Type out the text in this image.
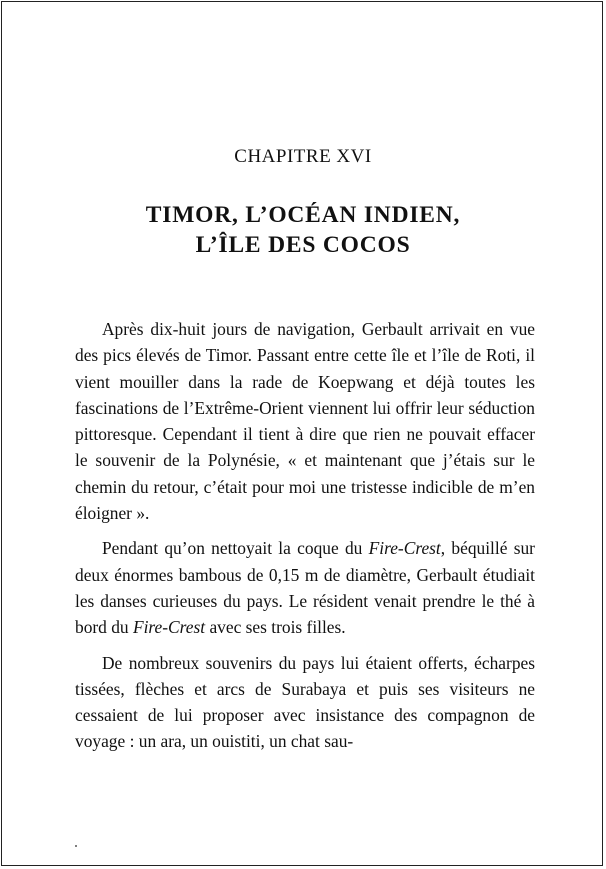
CHAPITRE XVI
TIMOR, L’OCÉAN INDIEN,
L’ÎLE DES COCOS

Après dix-huit jours de navigation, Gerbault arrivait en vue des pics élevés de Timor. Passant entre cette île et l’île de Roti, il vient mouiller dans la rade de Koepwang et déjà toutes les fascinations de l’Extrême-Orient viennent lui offrir leur séduction pittoresque. Cependant il tient à dire que rien ne pouvait effacer le souvenir de la Polynésie, « et maintenant que j’étais sur le chemin du retour, c’était pour moi une tristesse indicible de m’en éloigner ».

Pendant qu’on nettoyait la coque du Fire-Crest, béquillé sur deux énormes bambous de 0,15 m de diamètre, Gerbault étudiait les danses curieuses du pays. Le résident venait prendre le thé à bord du Fire-Crest avec ses trois filles.

De nombreux souvenirs du pays lui étaient offerts, écharpes tissées, flèches et arcs de Surabaya et puis ses visiteurs ne cessaient de lui proposer avec insistance des compagnon de voyage : un ara, un ouistiti, un chat sau-
